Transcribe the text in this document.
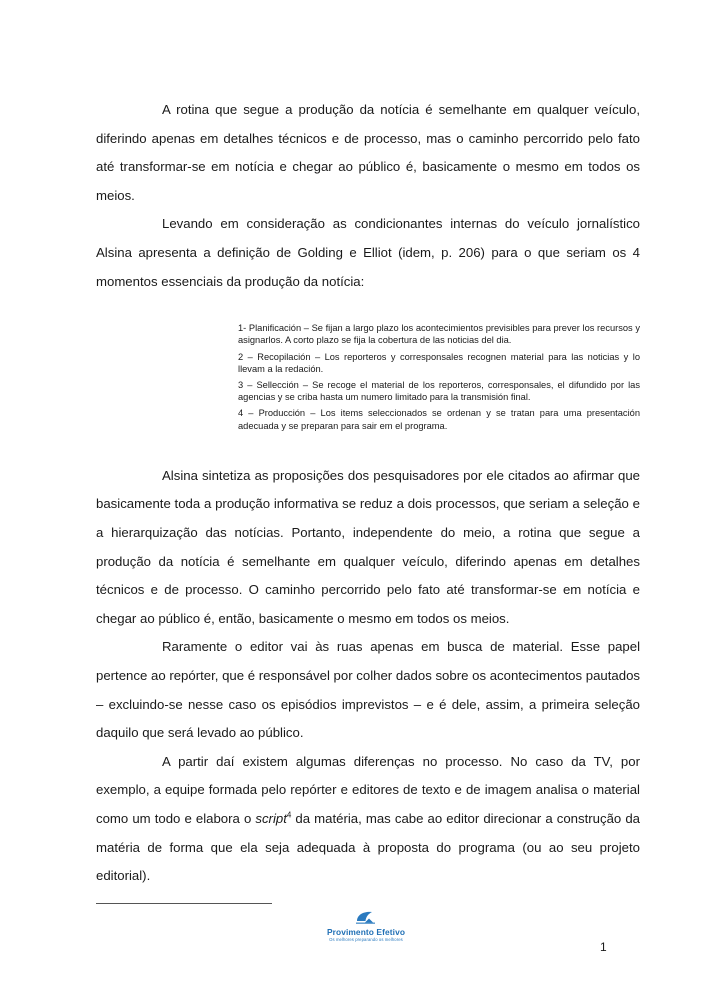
A rotina que segue a produção da notícia é semelhante em qualquer veículo, diferindo apenas em detalhes técnicos e de processo, mas o caminho percorrido pelo fato até transformar-se em notícia e chegar ao público é, basicamente o mesmo em todos os meios.

Levando em consideração as condicionantes internas do veículo jornalístico Alsina apresenta a definição de Golding e Elliot (idem, p. 206) para o que seriam os 4 momentos essenciais da produção da notícia:

1- Planificación – Se fijan a largo plazo los acontecimientos previsibles para prever los recursos y asignarlos. A corto plazo se fija la cobertura de las noticias del dia.

2 – Recopilación – Los reporteros y corresponsales recognen material para las noticias y lo llevam a la redación.

3 – Sellección – Se recoge el material de los reporteros, corresponsales, el difundido por las agencias y se criba hasta um numero limitado para la transmisión final.

4 – Producción – Los items seleccionados se ordenan y se tratan para uma presentación adecuada y se preparan para sair em el programa.

Alsina sintetiza as proposições dos pesquisadores por ele citados ao afirmar que basicamente toda a produção informativa se reduz a dois processos, que seriam a seleção e a hierarquização das notícias. Portanto, independente do meio, a rotina que segue a produção da notícia é semelhante em qualquer veículo, diferindo apenas em detalhes técnicos e de processo. O caminho percorrido pelo fato até transformar-se em notícia e chegar ao público é, então, basicamente o mesmo em todos os meios.

Raramente o editor vai às ruas apenas em busca de material. Esse papel pertence ao repórter, que é responsável por colher dados sobre os acontecimentos pautados – excluindo-se nesse caso os episódios imprevistos – e é dele, assim, a primeira seleção daquilo que será levado ao público.

A partir daí existem algumas diferenças no processo. No caso da TV, por exemplo, a equipe formada pelo repórter e editores de texto e de imagem analisa o material como um todo e elabora o script$^4$ da matéria, mas cabe ao editor direcionar a construção da matéria de forma que ela seja adequada à proposta do programa (ou ao seu projeto editorial).

Provimento Efetivo
Os melhores preparando os melhores
1
